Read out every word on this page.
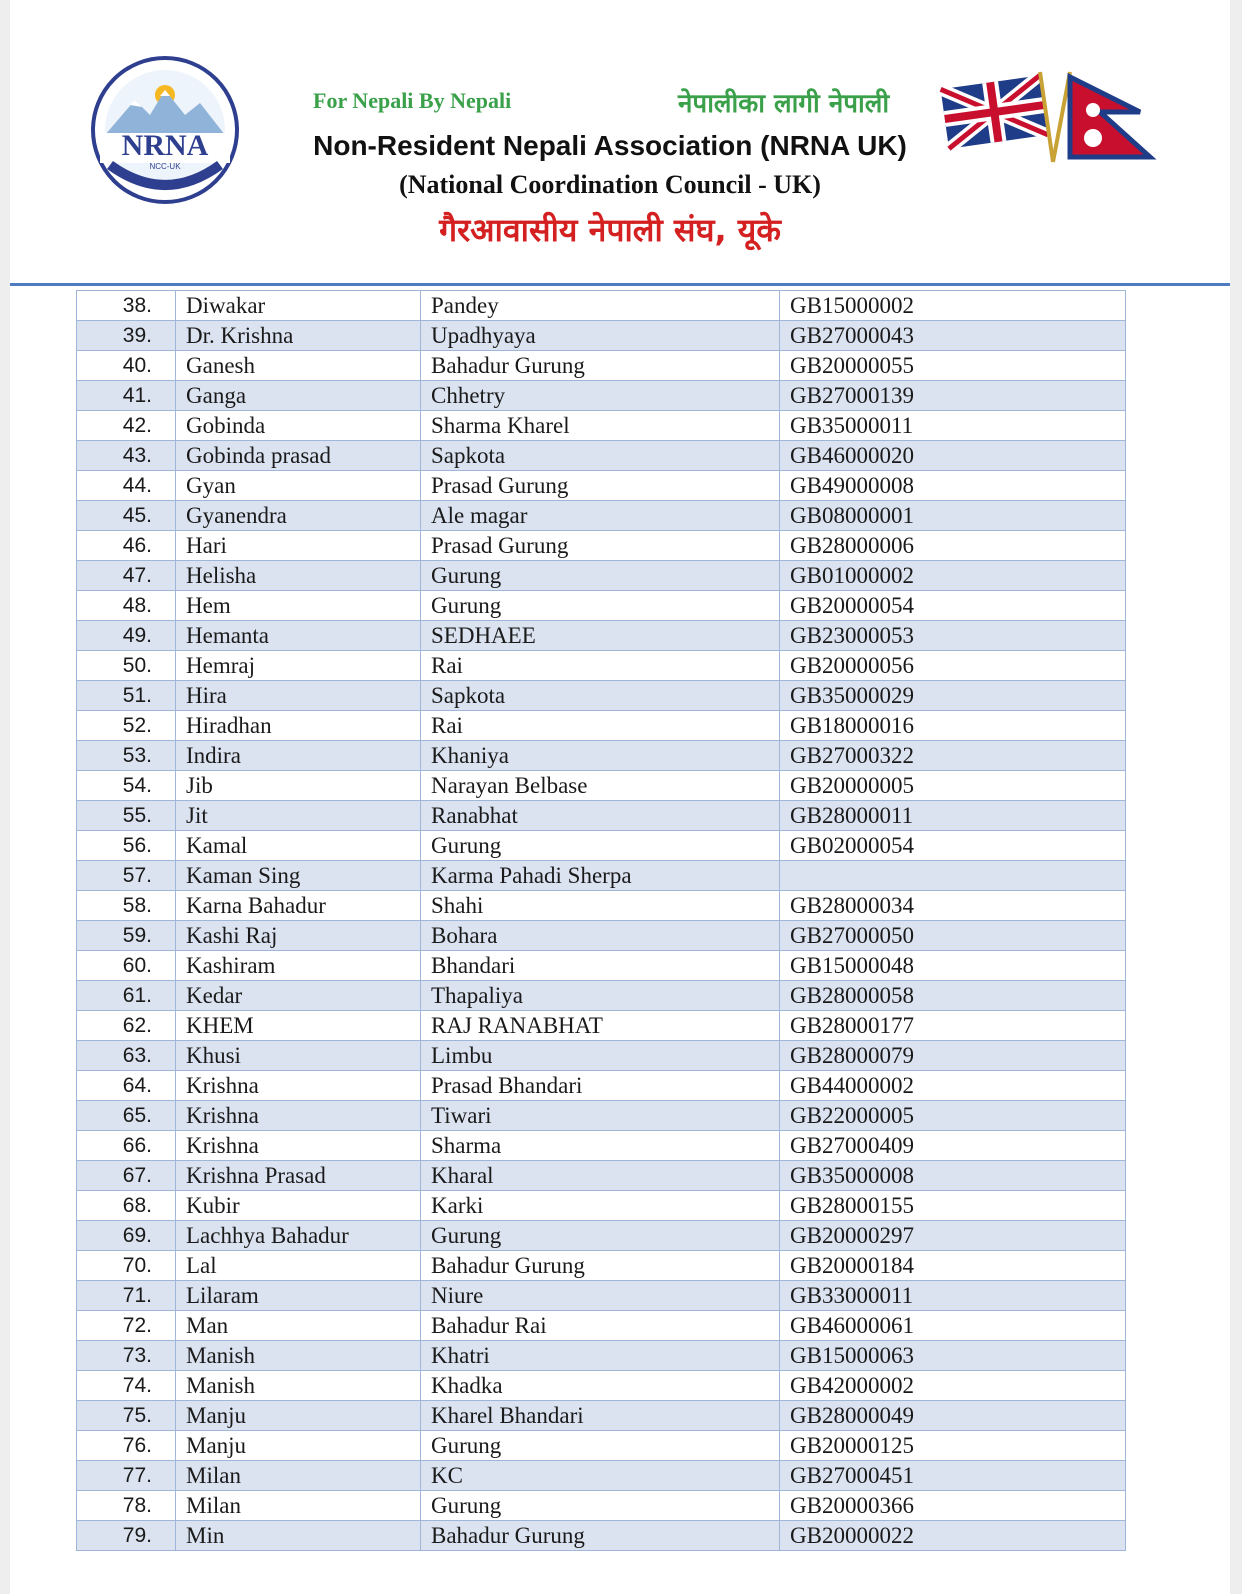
NRNA
NCC-UK
For Nepali By Nepali	नेपालीका लागी नेपाली
Non-Resident Nepali Association (NRNA UK)
(National Coordination Council - UK)
गैरआवासीय नेपाली संघ, यूके
38.	Diwakar	Pandey	GB15000002
39.	Dr. Krishna	Upadhyaya	GB27000043
40.	Ganesh	Bahadur Gurung	GB20000055
41.	Ganga	Chhetry	GB27000139
42.	Gobinda	Sharma Kharel	GB35000011
43.	Gobinda prasad	Sapkota	GB46000020
44.	Gyan	Prasad Gurung	GB49000008
45.	Gyanendra	Ale magar	GB08000001
46.	Hari	Prasad Gurung	GB28000006
47.	Helisha	Gurung	GB01000002
48.	Hem	Gurung	GB20000054
49.	Hemanta	SEDHAEE	GB23000053
50.	Hemraj	Rai	GB20000056
51.	Hira	Sapkota	GB35000029
52.	Hiradhan	Rai	GB18000016
53.	Indira	Khaniya	GB27000322
54.	Jib	Narayan Belbase	GB20000005
55.	Jit	Ranabhat	GB28000011
56.	Kamal	Gurung	GB02000054
57.	Kaman Sing	Karma Pahadi Sherpa	
58.	Karna Bahadur	Shahi	GB28000034
59.	Kashi Raj	Bohara	GB27000050
60.	Kashiram	Bhandari	GB15000048
61.	Kedar	Thapaliya	GB28000058
62.	KHEM	RAJ RANABHAT	GB28000177
63.	Khusi	Limbu	GB28000079
64.	Krishna	Prasad Bhandari	GB44000002
65.	Krishna	Tiwari	GB22000005
66.	Krishna	Sharma	GB27000409
67.	Krishna Prasad	Kharal	GB35000008
68.	Kubir	Karki	GB28000155
69.	Lachhya Bahadur	Gurung	GB20000297
70.	Lal	Bahadur Gurung	GB20000184
71.	Lilaram	Niure	GB33000011
72.	Man	Bahadur Rai	GB46000061
73.	Manish	Khatri	GB15000063
74.	Manish	Khadka	GB42000002
75.	Manju	Kharel Bhandari	GB28000049
76.	Manju	Gurung	GB20000125
77.	Milan	KC	GB27000451
78.	Milan	Gurung	GB20000366
79.	Min	Bahadur Gurung	GB20000022
